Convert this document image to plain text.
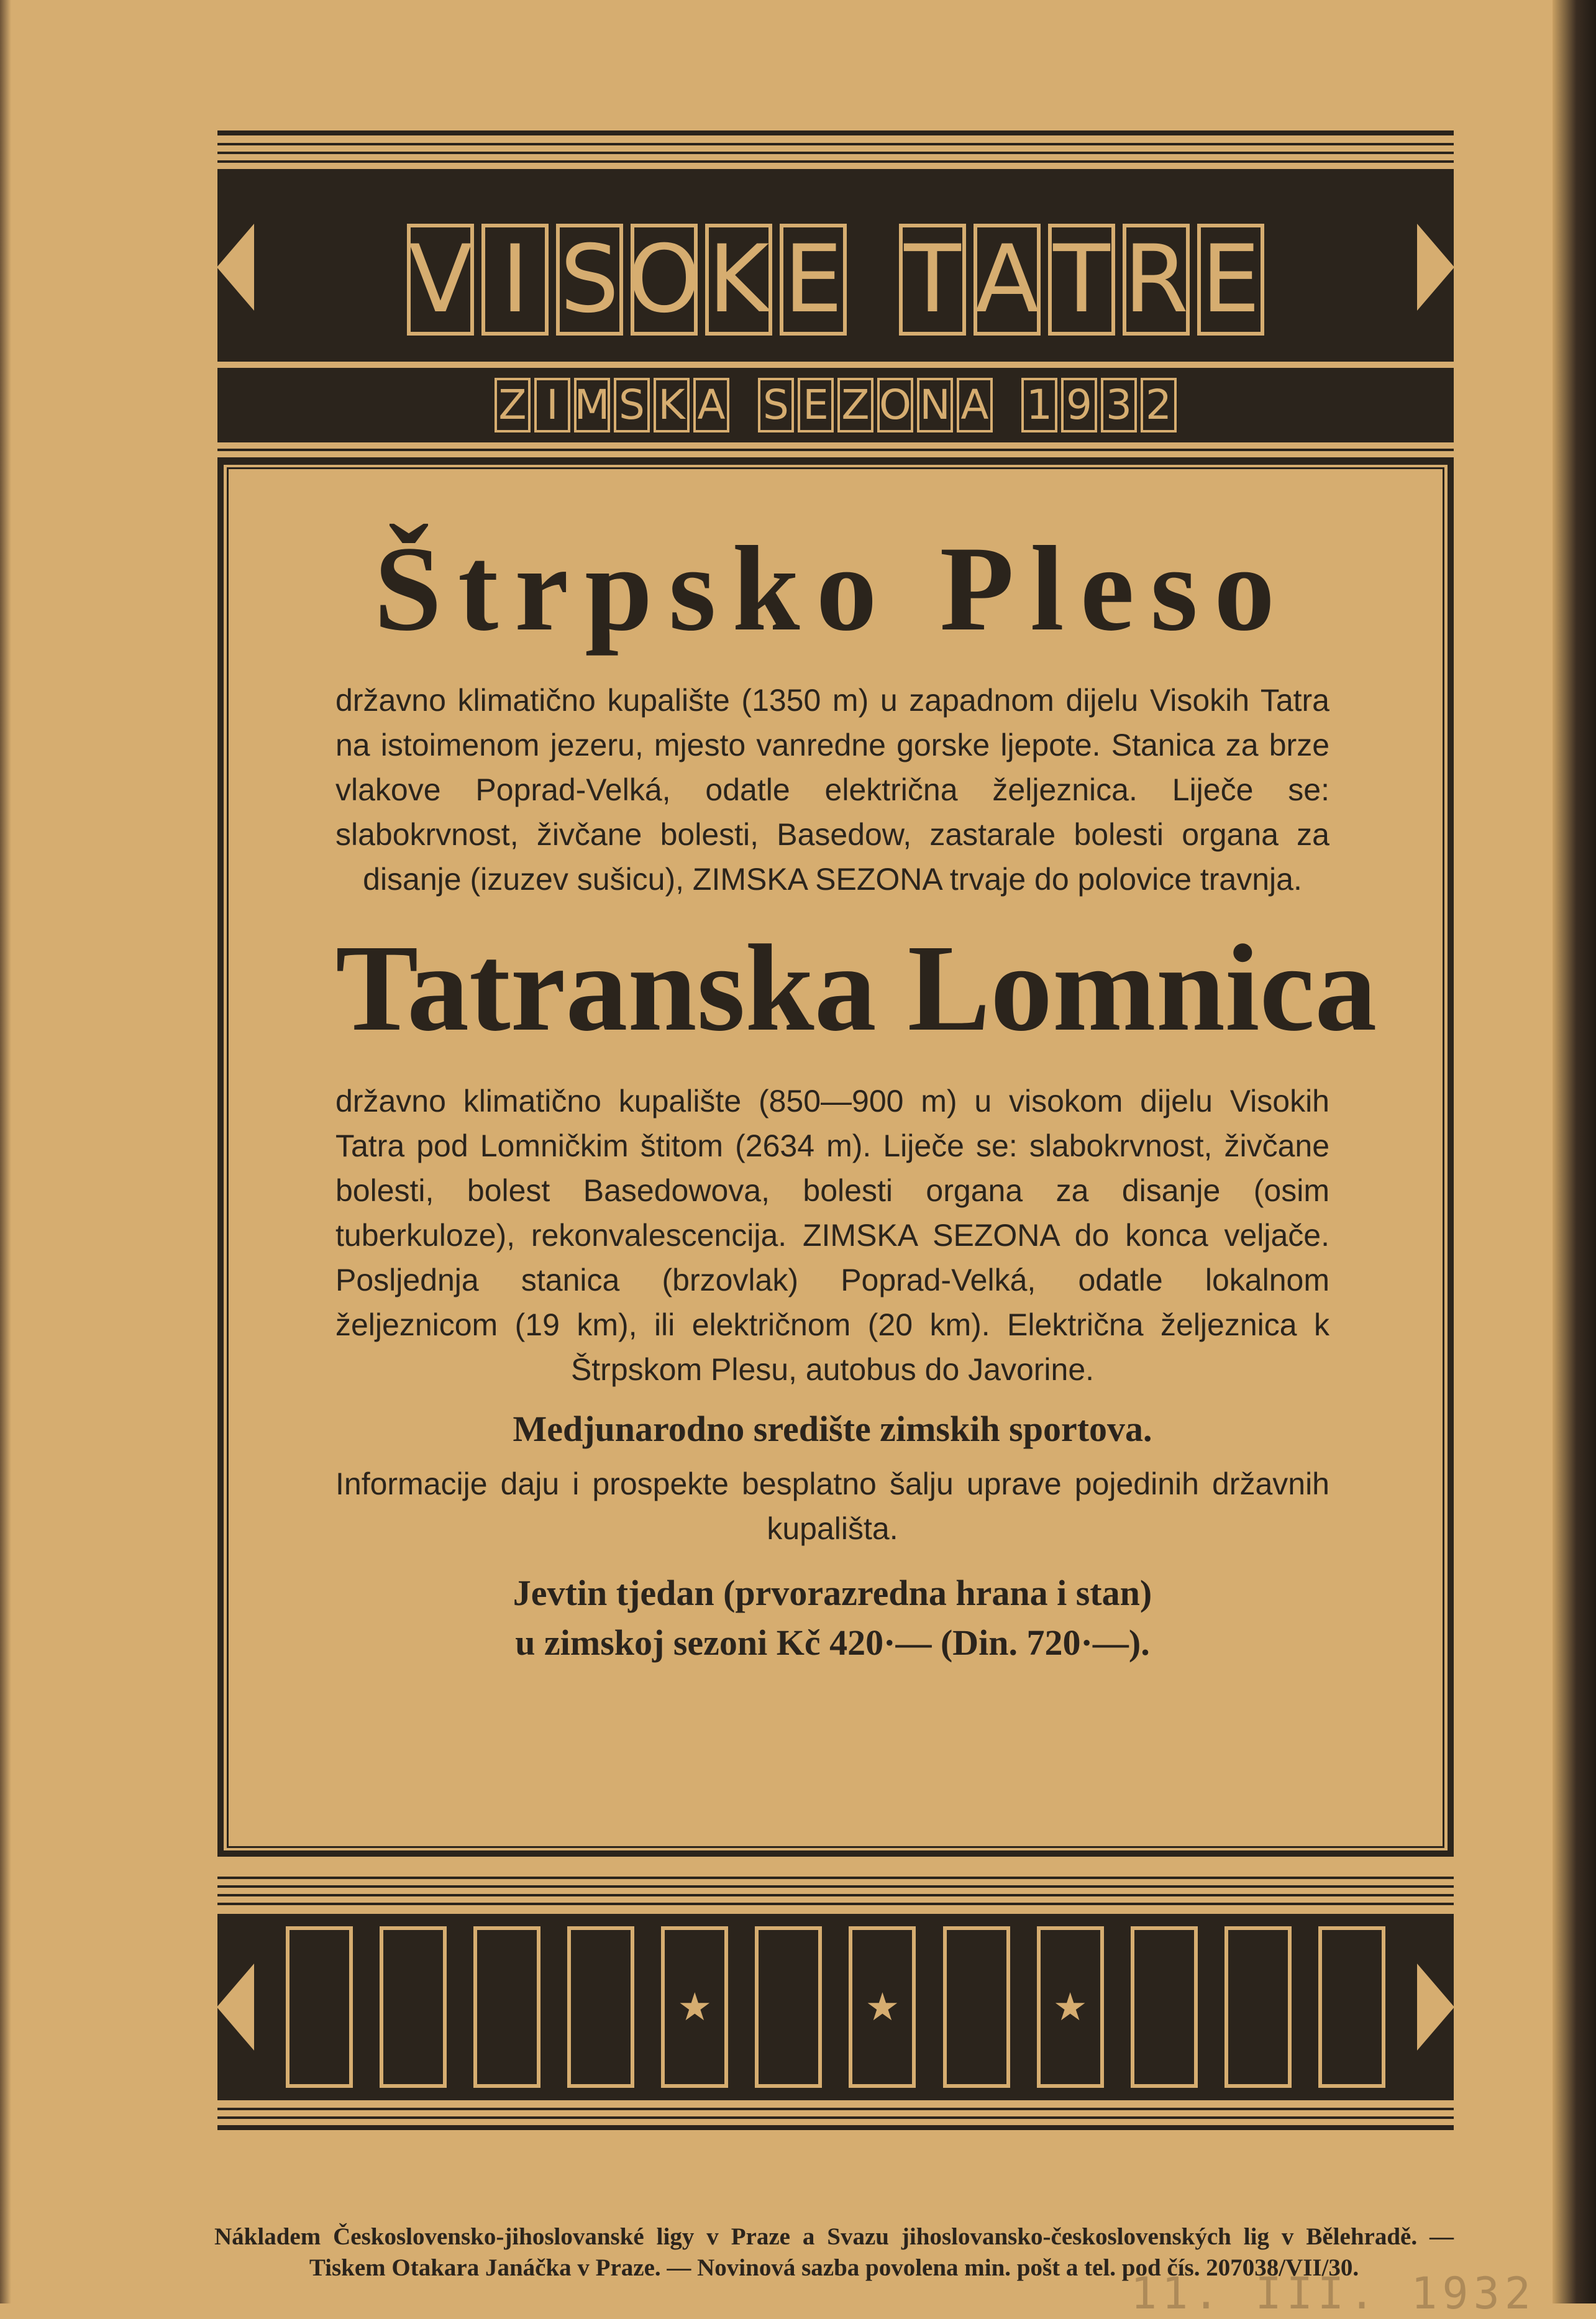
V I S O K E T A T R E
Z I M S K A S E Z O N A 1 9 3 2
Štrpsko Pleso

državno klimatično kupalište (1350 m) u zapadnom dijelu Visokih Tatra na istoimenom jezeru, mjesto vanredne gorske ljepote. Stanica za brze vlakove Poprad-Velká, odatle električna željeznica. Liječe se: slabokrvnost, živčane bolesti, Basedow, zastarale bolesti organa za disanje (izuzev sušicu), ZIMSKA SEZONA trvaje do polovice travnja.

Tatranska Lomnica

državno klimatično kupalište (850—900 m) u visokom dijelu Visokih Tatra pod Lomničkim štitom (2634 m). Liječe se: slabokrvnost, živčane bolesti, bolest Basedowova, bolesti organa za disanje (osim tuberkuloze), rekonvalescencija. ZIMSKA SEZONA do konca veljače. Posljednja stanica (brzovlak) Poprad-Velká, odatle lokalnom željeznicom (19 km), ili električnom (20 km). Električna željeznica k Štrpskom Plesu, autobus do Javorine.

Medjunarodno središte zimskih sportova.

Informacije daju i prospekte besplatno šalju uprave pojedinih državnih kupališta.

Jevtin tjedan (prvorazredna hrana i stan)

u zimskoj sezoni Kč 420·— (Din. 720·—).

★	★	★
Nákladem Československo-jihoslovanské ligy v Praze a Svazu jihoslovansko-československých lig v Bělehradě. — Tiskem Otakara Janáčka v Praze. — Novinová sazba povolena min. pošt a tel. pod čís. 207038/VII/30.
11. III. 1932
